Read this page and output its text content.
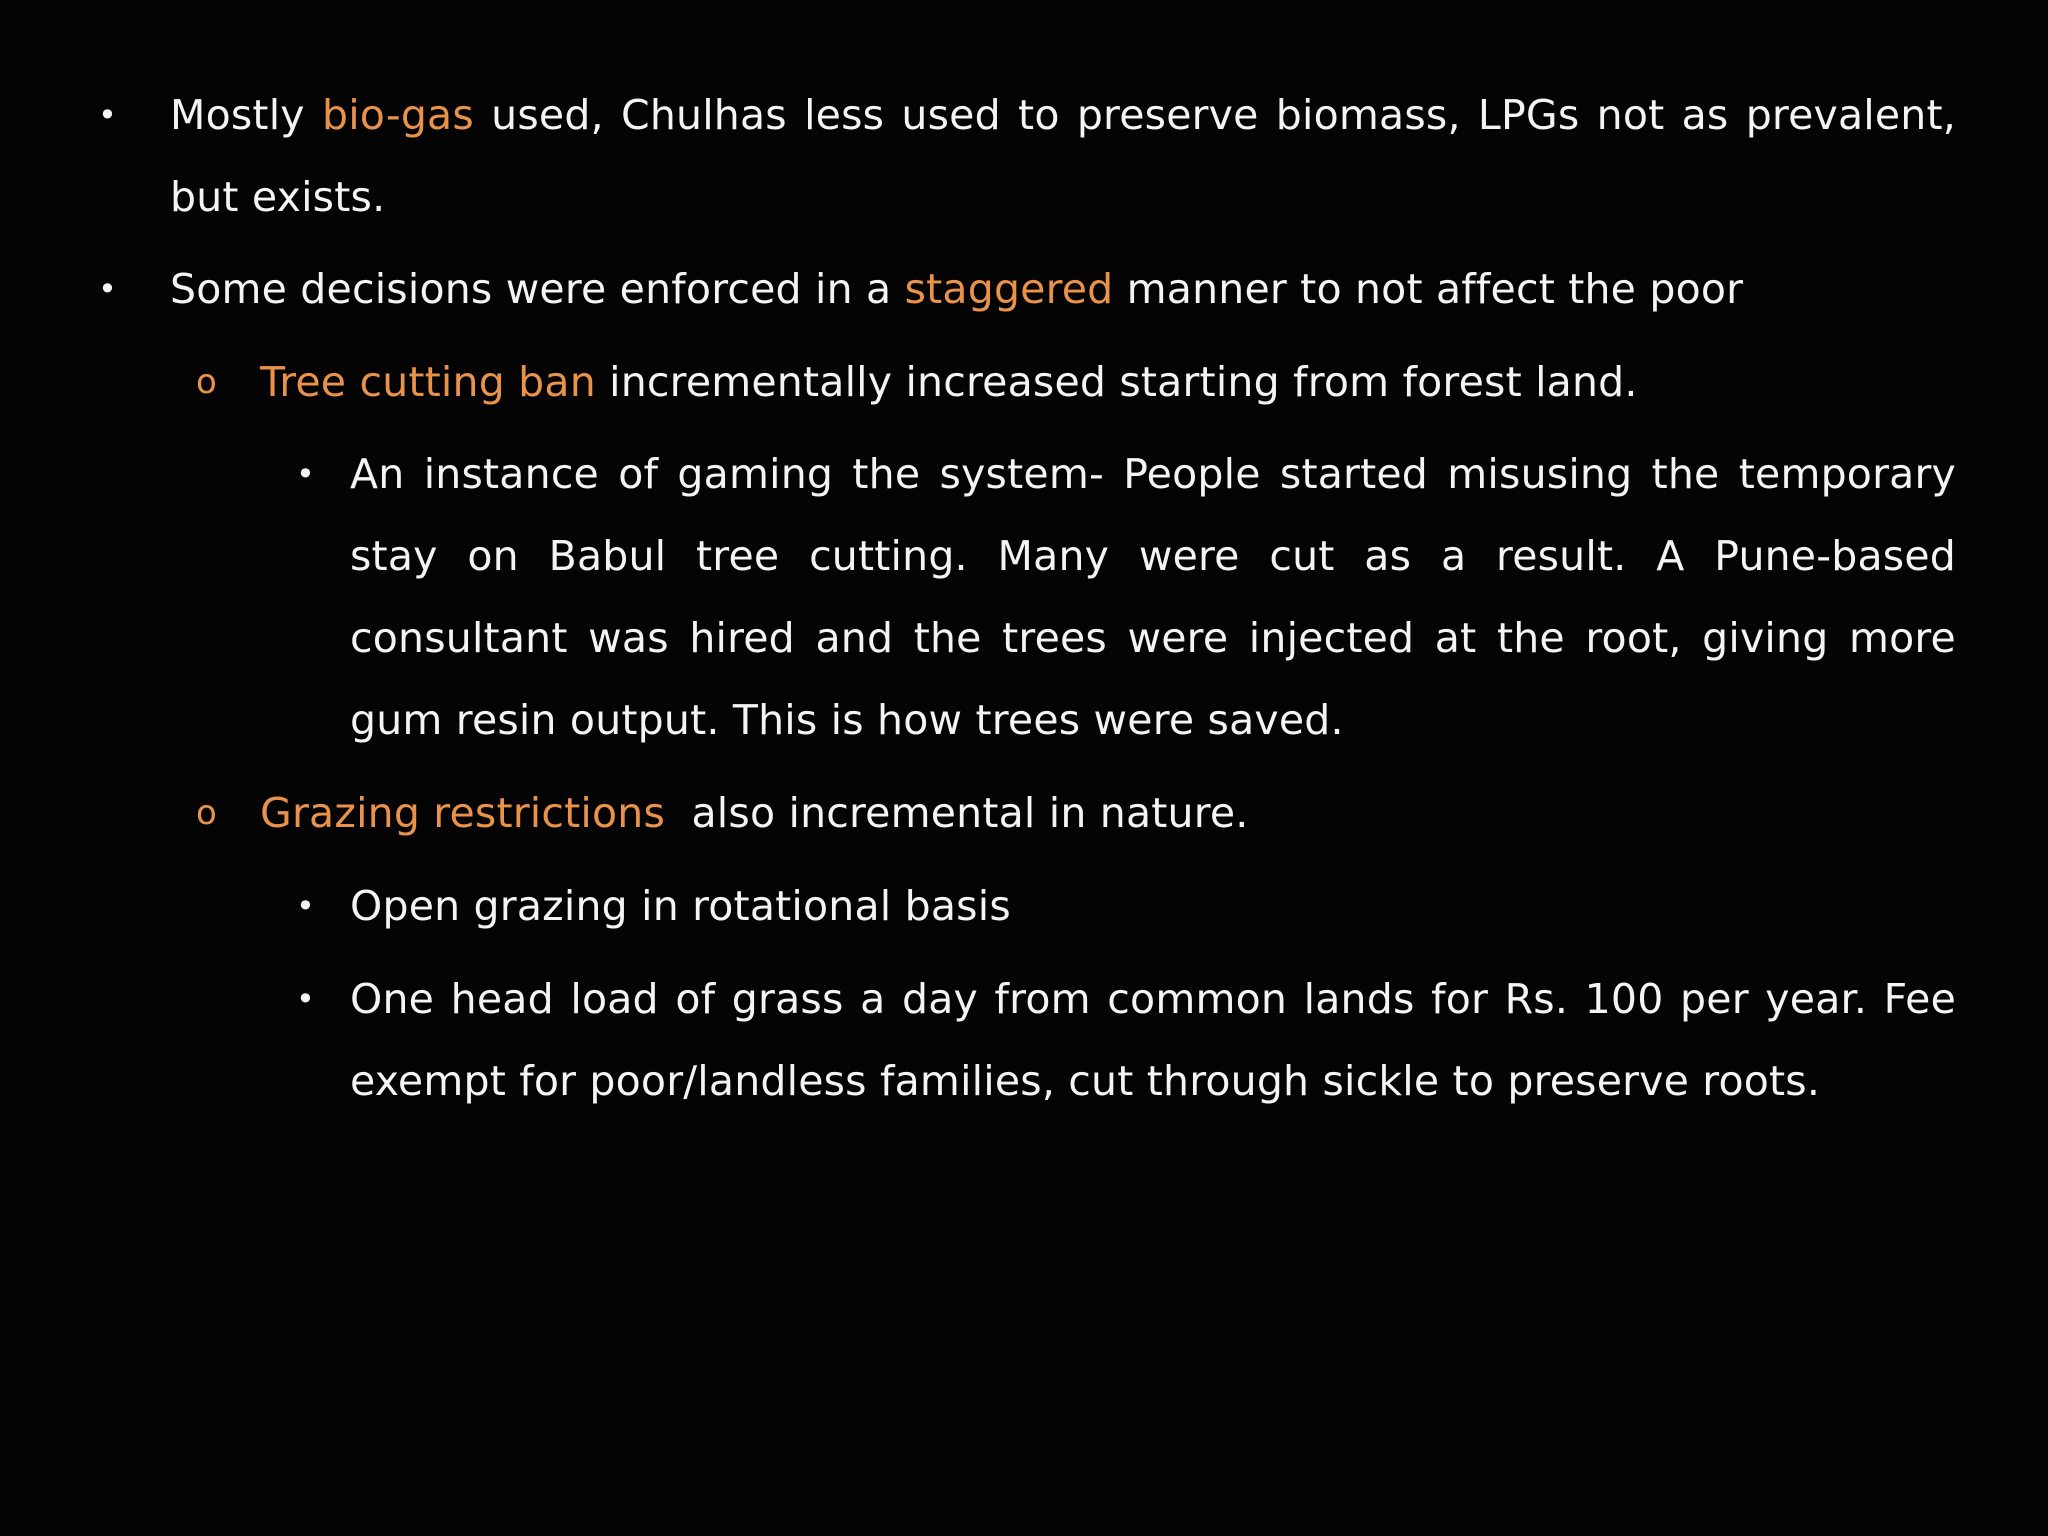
• Mostly bio-gas used, Chulhas less used to preserve biomass, LPGs not as prevalent, but exists.
• Some decisions were enforced in a staggered manner to not affect the poor
o Tree cutting ban incrementally increased starting from forest land.
• An instance of gaming the system- People started misusing the temporary stay on Babul tree cutting. Many were cut as a result. A Pune-based consultant was hired and the trees were injected at the root, giving more gum resin output. This is how trees were saved.
o Grazing restrictions  also incremental in nature.
• Open grazing in rotational basis
• One head load of grass a day from common lands for Rs. 100 per year. Fee exempt for poor/landless families, cut through sickle to preserve roots.
